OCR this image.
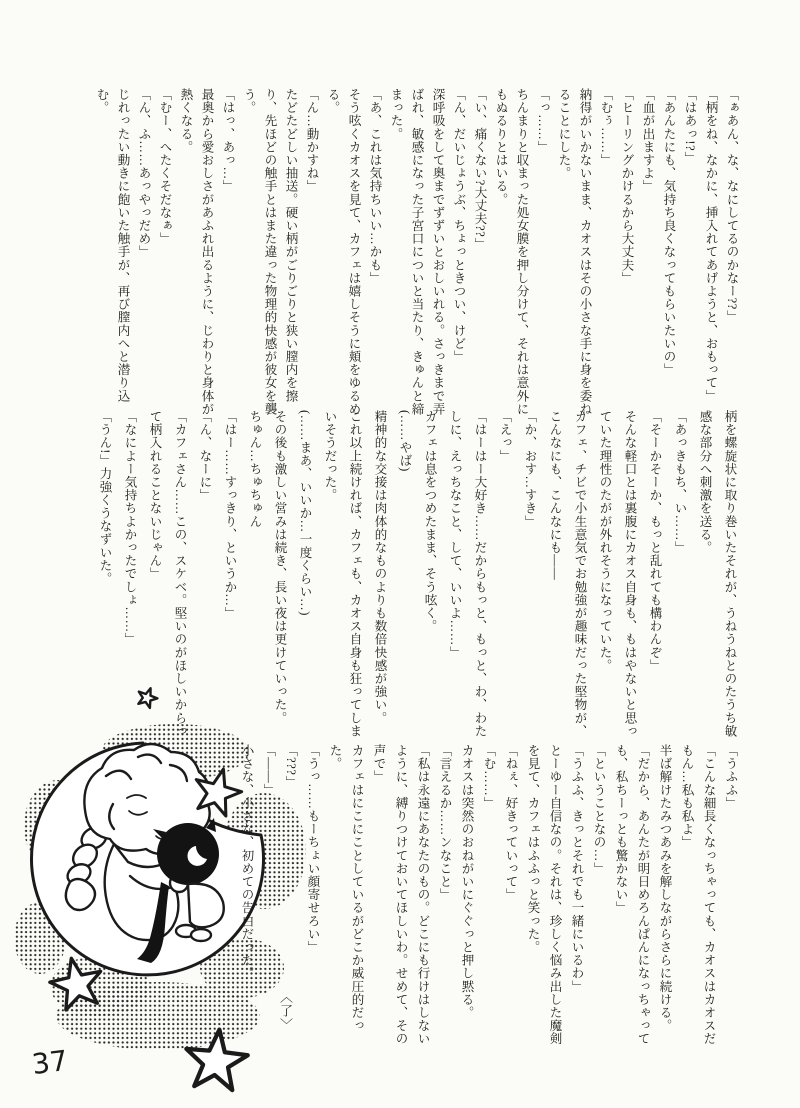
「ぁあん、な、なにしてるのかなー??」

「柄をね、なかに、挿入れてあげようと、おもって」

「はあっ!?」

「あんたにも、気持ち良くなってもらいたいの」

「血が出ますよ」

「ヒーリングかけるから大丈夫」

「むぅ……」

納得がいかないまま、カオスはその小さな手に身を委ねることにした。

「っ……」

ちんまりと収まった処女膜を押し分けて、それは意外にもぬるりとはいる。

「い、痛くない?大丈夫??」

「ん、だいじょうぶ、ちょっときつい、けど」

深呼吸をして奥までずずいとおしいれる。さっきまで弄ばれ、敏感になった子宮口についと当たり、きゅんと締まった。

「あ、これは気持ちいい…かも」

そう呟くカオスを見て、カフェは嬉しそうに頬をゆるめる。

「ん…動かすね」

たどたどしい抽送。硬い柄がごりごりと狭い膣内を擦り、先ほどの触手とはまた違った物理的快感が彼女を襲う。

「はっ、あっ…」

最奥から愛おしさがあふれ出るように、じわりと身体が熱くなる。

「むー、へたくそだなぁ」

「ん、ふ……あっやっだめ」

じれったい動きに飽いた触手が、再び膣内へと潜り込む。

柄を螺旋状に取り巻いたそれが、うねうねとのたうち敏感な部分へ刺激を送る。

「あっきもち、い……」

「そーかそーか、もっと乱れても構わんぞ」

そんな軽口とは裏腹にカオス自身も、もはやないと思っていた理性のたがが外れそうになっていた。

カフェ、チビで小生意気でお勉強が趣味だった堅物が、こんなにも、こんなにも――

「か、おす…すき」

「えっ」

「はーはー大好き……だからもっと、もっと、わ、わたしに、えっちなこと、して、いいよ……」

カフェは息をつめたまま、そう呟く。

(……やば)

精神的な交接は肉体的なものよりも数倍快感が強い。

これ以上続ければ、カフェも、カオス自身も狂ってしまいそうだった。

(……まあ、いいか…一度くらい…)

その後も激しい営みは続き、長い夜は更けていった。

ちゅん…ちゅちゅん

「はー……すっきり、というか…」

「ん、なーに」

「カフェさん……この、スケベ。堅いのがほしいからって柄入れることないじゃん」

「なによー気持ちよかったでしょ……」

「うん!」力強くうなずいた。

「うふふ」

「こんな細長くなっちゃっても、カオスはカオスだもん…私も私よ」

半ば解けたみつあみを解しながらさらに続ける。

「だから、あんたが明日めろんぱんになっちゃっても、私ちーっとも驚かない」

「ということなの…」

「うふふ、きっとそれでも一緒にいるわ」

とーゆー自信なの。それは、珍しく悩み出した魔剣を見て、カフェはふふっと笑った。

「ねぇ、好きっていって」

「む……」

カオスは突然のおねがいにぐぐっと押し黙る。

「言えるか……ンなこと」

「私は永遠にあなたのもの。どこにも行けはしないように、縛りつけておいてほしいわ。せめて、その声で」

カフェはにこにことしているがどこか威圧的だった。

「うっ……もーちょい顔寄せろい」

「???」

「――」

小さな、小さな、初めての告白だった。

〈了〉
37
